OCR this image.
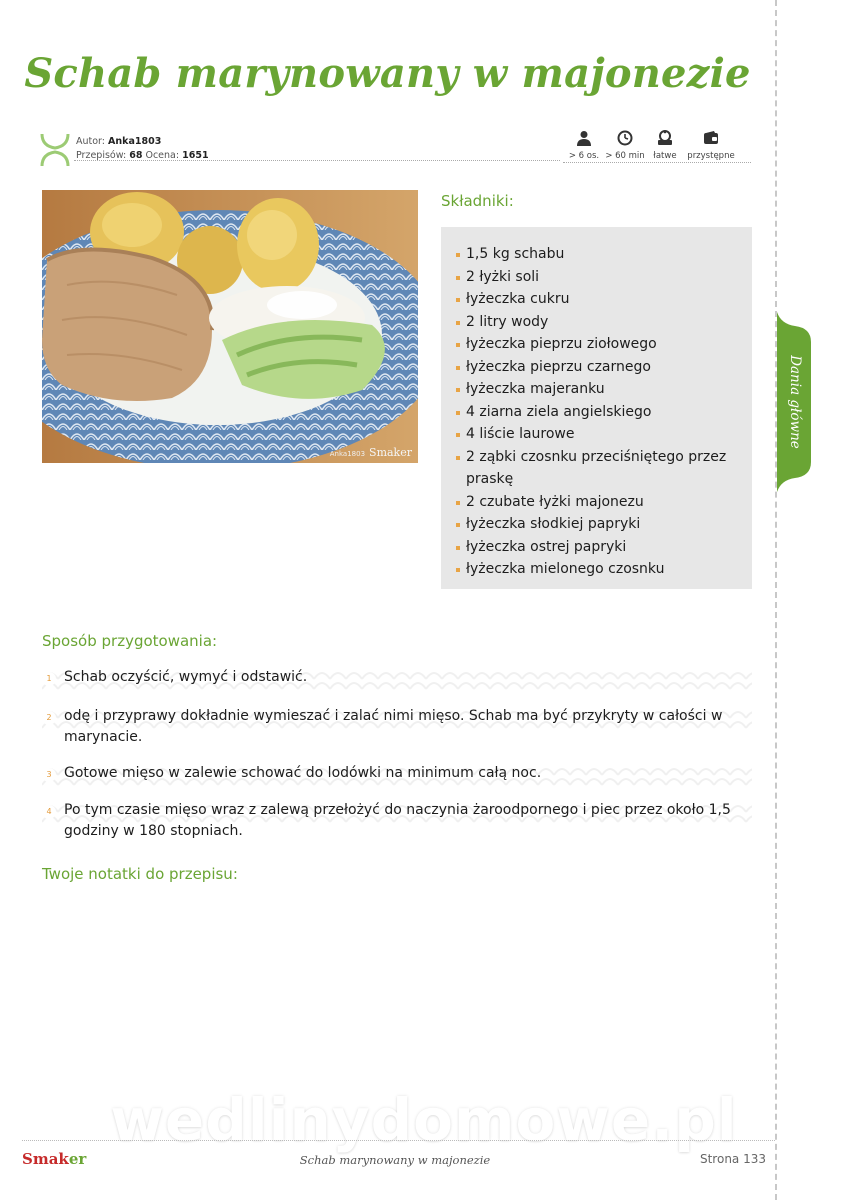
Schab marynowany w majonezie
Autor: Anka1803
Przepisów: 68 Ocena: 1651	> 6 os. > 60 min	łatwe	przystępne
Anka1803 Smaker
Składniki:
1,5 kg schabu
2 łyżki soli
łyżeczka cukru
2 litry wody
łyżeczka pieprzu ziołowego
łyżeczka pieprzu czarnego
łyżeczka majeranku
4 ziarna ziela angielskiego
4 liście laurowe
2 ząbki czosnku przeciśniętego przez praskę
2 czubate łyżki majonezu
łyżeczka słodkiej papryki
łyżeczka ostrej papryki
łyżeczka mielonego czosnku
Dania główne
Sposób przygotowania:
1 Schab oczyścić, wymyć i odstawić.

2 odę i przyprawy dokładnie wymieszać i zalać nimi mięso. Schab ma być przykryty w całości w marynacie.

3 Gotowe mięso w zalewie schować do lodówki na minimum całą noc.

4 Po tym czasie mięso wraz z zalewą przełożyć do naczynia żaroodpornego i piec przez około 1,5 godziny w 180 stopniach.

Twoje notatki do przepisu:
wedlinydomowe.pl
Smaker	Schab marynowany w majonezie	Strona 133
